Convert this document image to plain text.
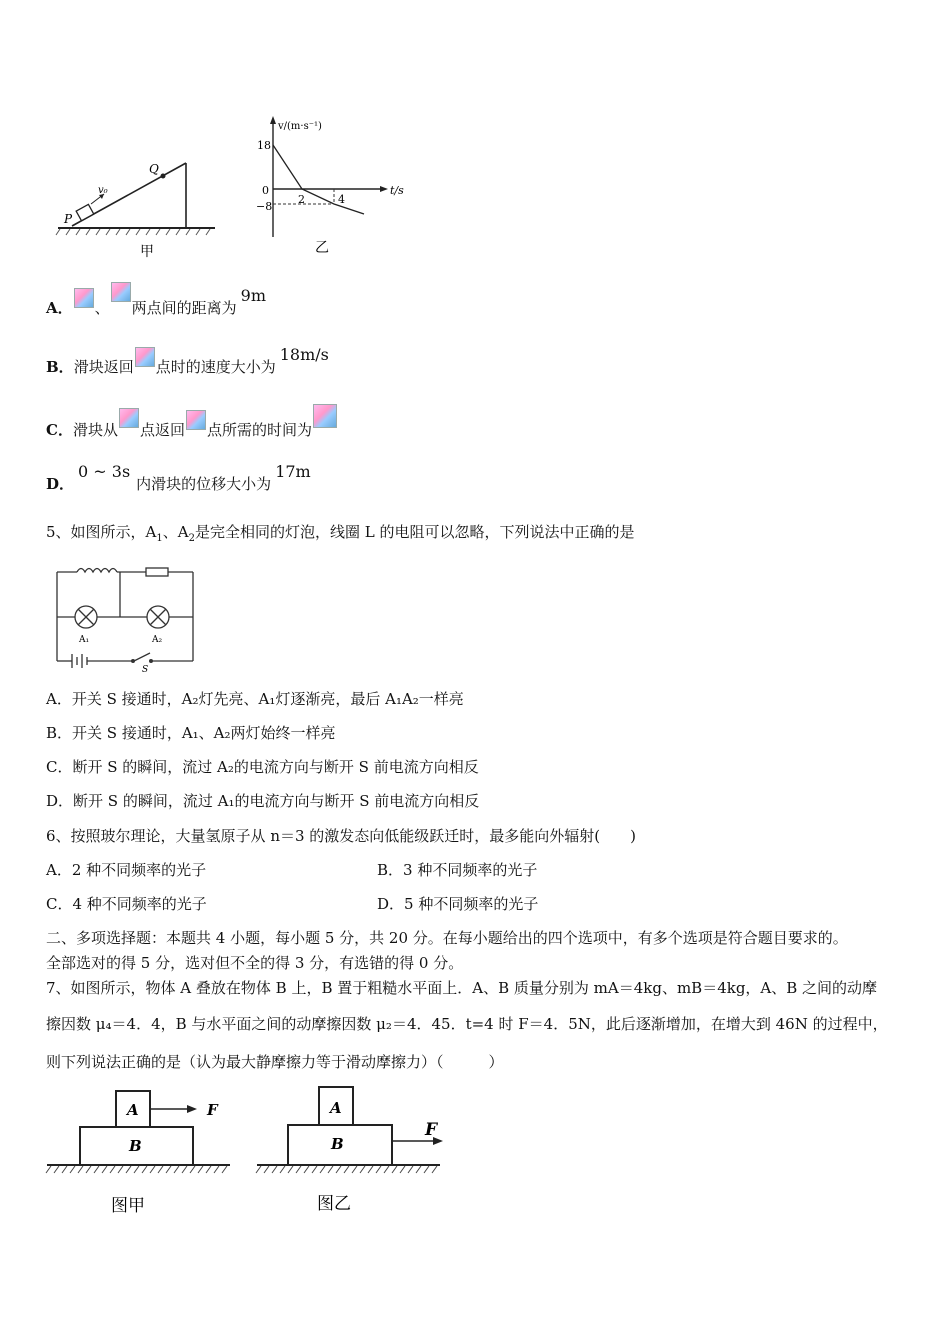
v₀
P
Q
甲
v/(m·s⁻¹)
t/s
18
0
−8
2	4
乙
A． 、 两点间的距离为9m
B．滑块返回 点时的速度大小为18m/s
C．滑块从 点返回 点所需的时间为
D．0 ~ 3s内滑块的位移大小为17m
5、如图所示，$A_1$、$A_2$是完全相同的灯泡，线圈 L 的电阻可以忽略，下列说法中正确的是
A₁	A₂
S
A．开关 S 接通时，A₂灯先亮、A₁灯逐渐亮，最后 A₁A₂一样亮
B．开关 S 接通时，A₁、A₂两灯始终一样亮
C．断开 S 的瞬间，流过 A₂的电流方向与断开 S 前电流方向相反
D．断开 S 的瞬间，流过 A₁的电流方向与断开 S 前电流方向相反
6、按照玻尔理论，大量氢原子从 n＝3 的激发态向低能级跃迁时，最多能向外辐射(　　)
A．2 种不同频率的光子	B．3 种不同频率的光子
C．4 种不同频率的光子	D．5 种不同频率的光子
二、多项选择题：本题共 4 小题，每小题 5 分，共 20 分。在每小题给出的四个选项中，有多个选项是符合题目要求的。
全部选对的得 5 分，选对但不全的得 3 分，有选错的得 0 分。
7、如图所示，物体 A 叠放在物体 B 上，B 置于粗糙水平面上．A、B 质量分别为 mA＝4kg、mB＝4kg，A、B 之间的动摩
擦因数 μ₄＝4．4，B 与水平面之间的动摩擦因数 μ₂＝4．45．t=4 时 F＝4．5N，此后逐渐增加，在增大到 46N 的过程中，
则下列说法正确的是（认为最大静摩擦力等于滑动摩擦力）（　　　）
A
B
F
图甲
A
B
F
图乙
